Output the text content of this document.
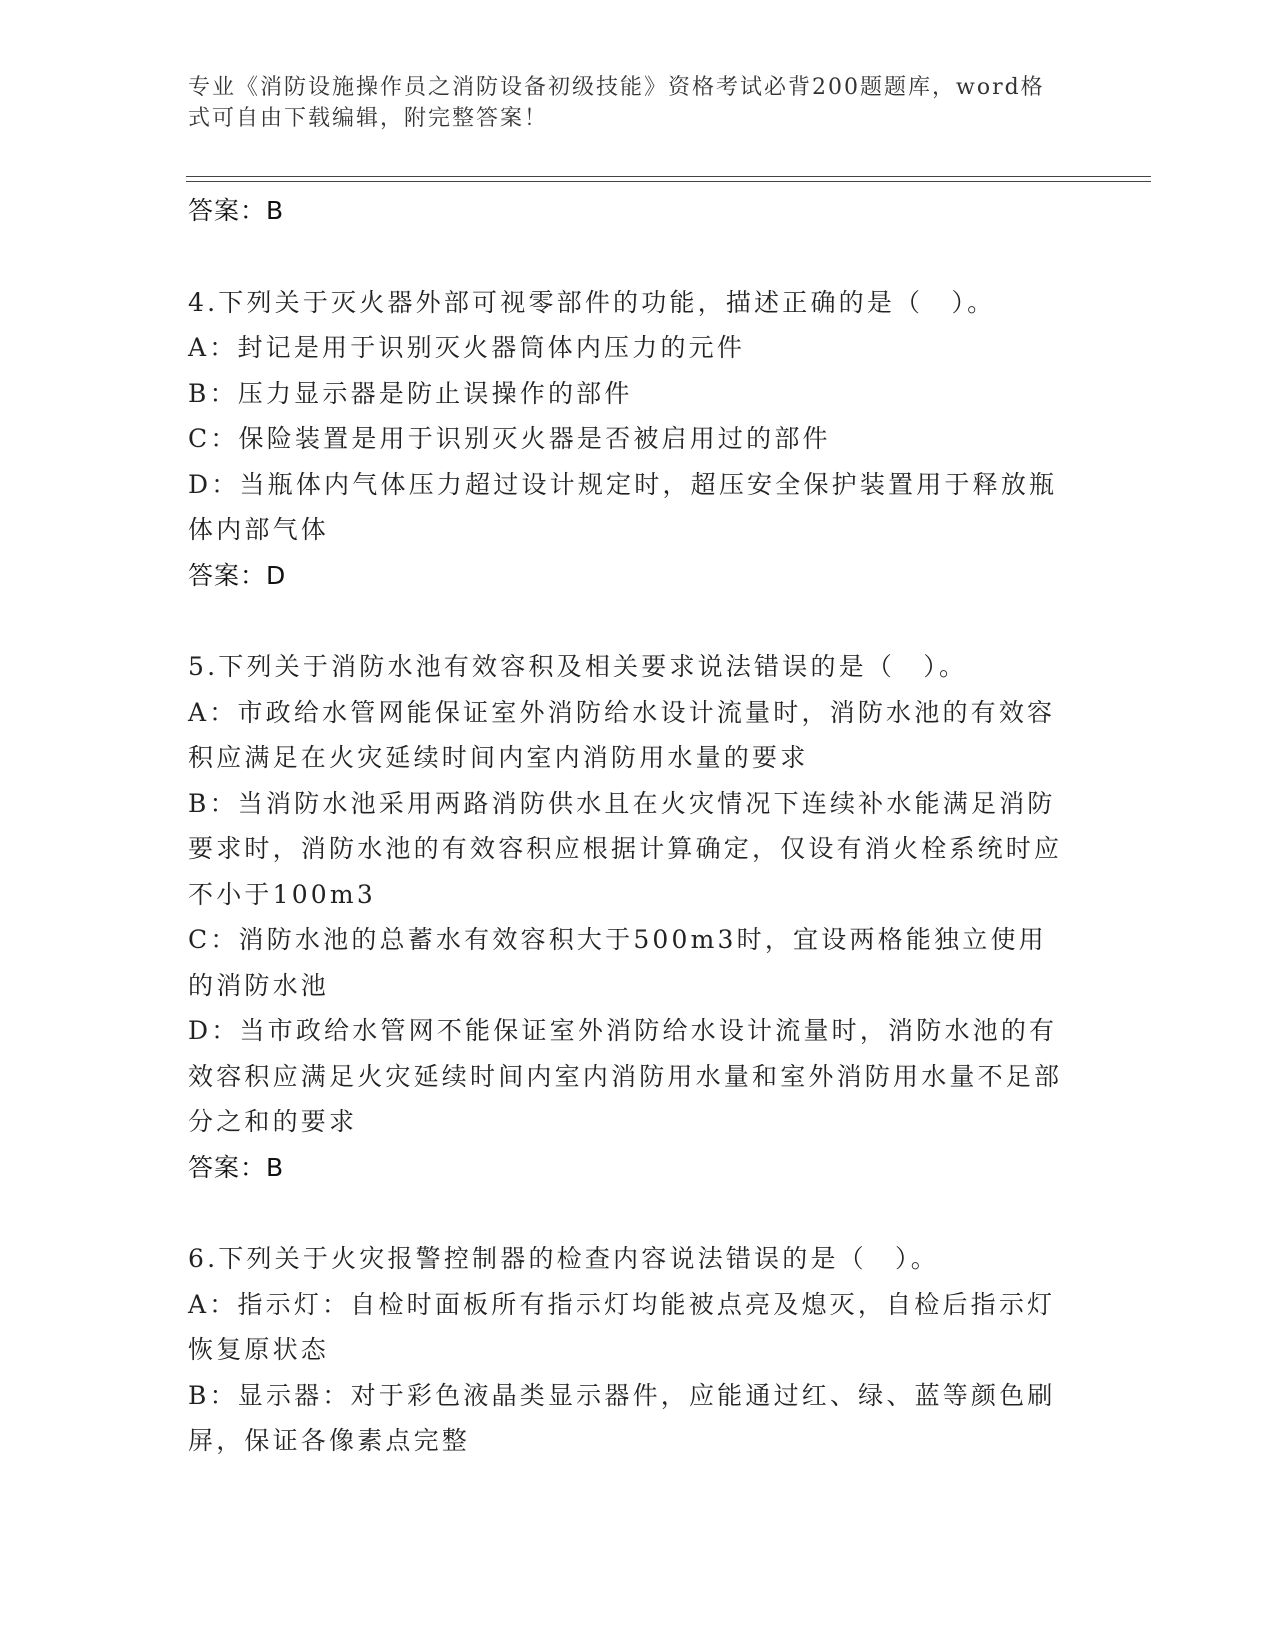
专业《消防设施操作员之消防设备初级技能》资格考试必背200题题库，word格式可自由下载编辑，附完整答案！
答案：B
4.下列关于灭火器外部可视零部件的功能，描述正确的是（　）。
A：封记是用于识别灭火器筒体内压力的元件
B：压力显示器是防止误操作的部件
C：保险装置是用于识别灭火器是否被启用过的部件
D：当瓶体内气体压力超过设计规定时，超压安全保护装置用于释放瓶体内部气体
答案：D
5.下列关于消防水池有效容积及相关要求说法错误的是（　）。
A：市政给水管网能保证室外消防给水设计流量时，消防水池的有效容积应满足在火灾延续时间内室内消防用水量的要求
B：当消防水池采用两路消防供水且在火灾情况下连续补水能满足消防要求时，消防水池的有效容积应根据计算确定，仅设有消火栓系统时应不小于100m3
C：消防水池的总蓄水有效容积大于500m3时，宜设两格能独立使用的消防水池
D：当市政给水管网不能保证室外消防给水设计流量时，消防水池的有效容积应满足火灾延续时间内室内消防用水量和室外消防用水量不足部分之和的要求
答案：B
6.下列关于火灾报警控制器的检查内容说法错误的是（　）。
A：指示灯：自检时面板所有指示灯均能被点亮及熄灭，自检后指示灯恢复原状态
B：显示器：对于彩色液晶类显示器件，应能通过红、绿、蓝等颜色刷屏，保证各像素点完整
